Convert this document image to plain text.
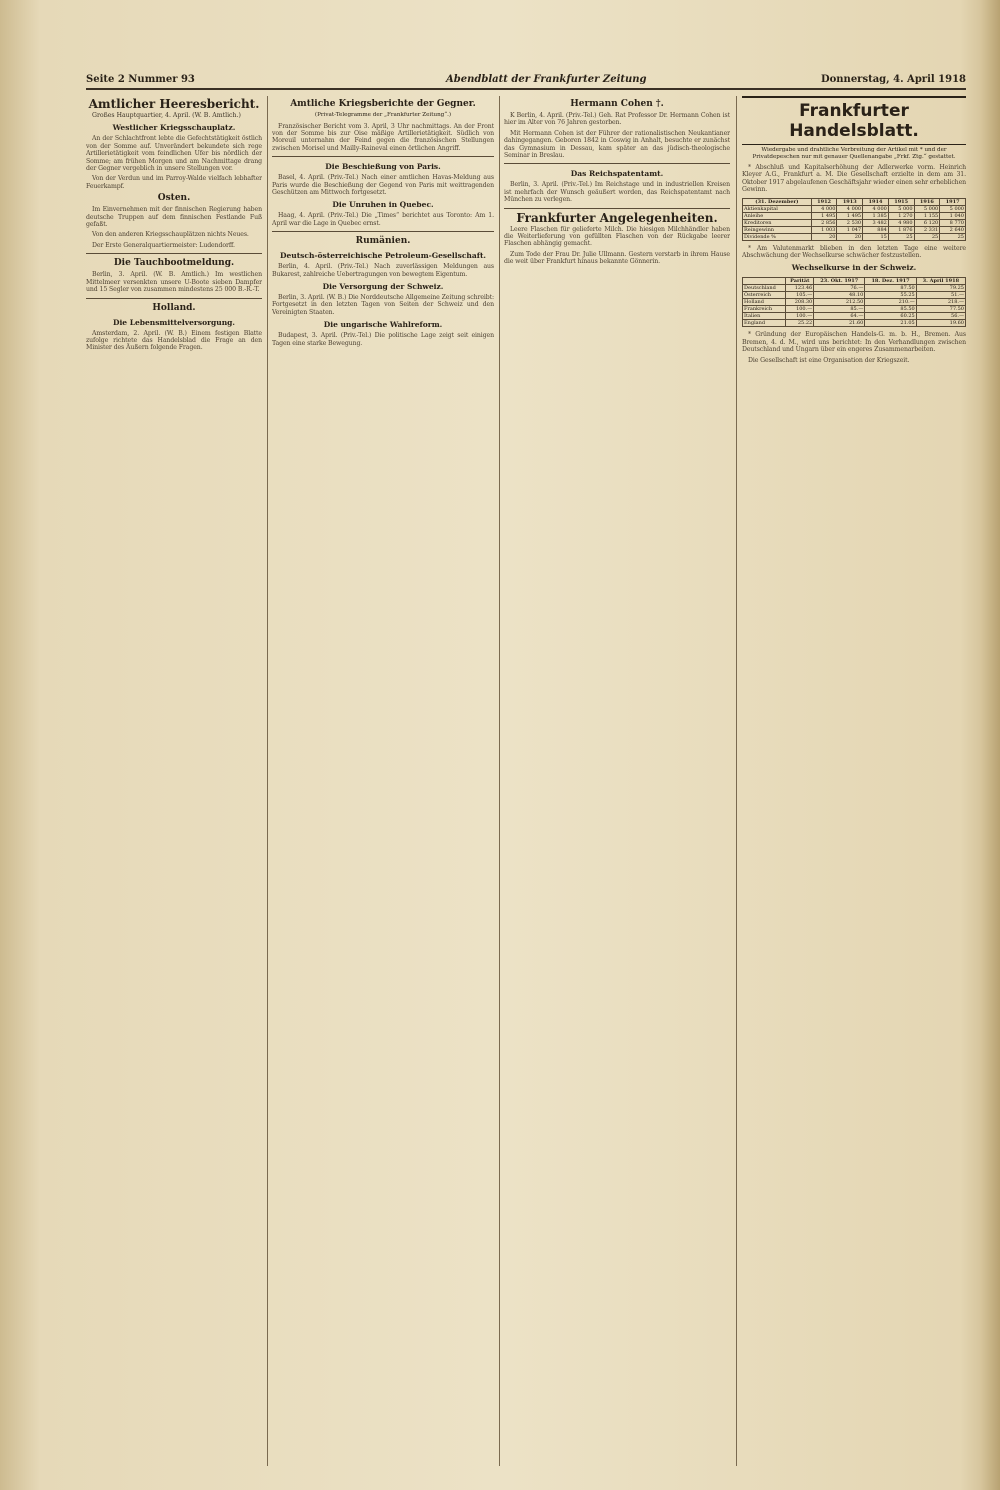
Seite 2 Nummer 93	Abendblatt der Frankfurter Zeitung	Donnerstag, 4. April 1918
Amtlicher Heeresbericht.
Großes Hauptquartier, 4. April. (W. B. Amtlich.)
Westlicher Kriegsschauplatz.
An der Schlachtfront lebte die Gefechtstätigkeit östlich von der Somme auf. Unverändert bekundete sich rege Artillerietätigkeit vom feindlichen Ufer bis nördlich der Somme; am frühen Morgen und am Nachmittage drang der Gegner vergeblich in unsere Stellungen vor.
Von der Verdun und im Parroy-Walde vielfach lebhafter Feuerkampf.
Osten.
Im Einvernehmen mit der finnischen Regierung haben deutsche Truppen auf dem finnischen Festlande Fuß gefaßt.
Von den anderen Kriegsschauplätzen nichts Neues.
Der Erste Generalquartiermeister: Ludendorff.
Die Tauchbootmeldung.
Berlin, 3. April. (W. B. Amtlich.) Im westlichen Mittelmeer versenkten unsere U-Boote sieben Dampfer und 15 Segler von zusammen mindestens 25 000 B.-R.-T.
Holland.
Die Lebensmittelversorgung.
Amsterdam, 2. April. (W. B.) Einem festigen Blatte zufolge richtete das Handelsblad die Frage an den Minister des Äußern folgende Fragen.
Amtliche Kriegsberichte der Gegner.
(Privat-Telegramme der „Frankfurter Zeitung“.)
Französischer Bericht vom 3. April, 3 Uhr nachmittags. An der Front von der Somme bis zur Oise mäßige Artillerietätigkeit. Südlich von Moreuil unternahm der Feind gegen die französischen Stellungen zwischen Morisel und Mailly-Raineval einen örtlichen Angriff.
Die Beschießung von Paris.
Basel, 4. April. (Priv.-Tel.) Nach einer amtlichen Havas-Meldung aus Paris wurde die Beschießung der Gegend von Paris mit weittragenden Geschützen am Mittwoch fortgesetzt.
Die Unruhen in Quebec.
Haag, 4. April. (Priv.-Tel.) Die „Times“ berichtet aus Toronto: Am 1. April war die Lage in Quebec ernst.
Rumänien.
Deutsch-österreichische Petroleum-Gesellschaft.
Berlin, 4. April. (Priv.-Tel.) Nach zuverlässigen Meldungen aus Bukarest, zahlreiche Uebertragungen von bewegtem Eigentum.
Die Versorgung der Schweiz.
Berlin, 3. April. (W. B.) Die Norddeutsche Allgemeine Zeitung schreibt: Fortgesetzt in den letzten Tagen von Seiten der Schweiz und den Vereinigten Staaten.
Die ungarische Wahlreform.
Budapest, 3. April. (Priv.-Tel.) Die politische Lage zeigt seit einigen Tagen eine starke Bewegung.
Hermann Cohen †.
K Berlin, 4. April. (Priv.-Tel.) Geh. Rat Professor Dr. Hermann Cohen ist hier im Alter von 76 Jahren gestorben.
Mit Hermann Cohen ist der Führer der rationalistischen Neukantianer dahingegangen. Geboren 1842 in Coswig in Anhalt, besuchte er zunächst das Gymnasium in Dessau, kam später an das jüdisch-theologische Seminar in Breslau.
Das Reichspatentamt.
Berlin, 3. April. (Priv.-Tel.) Im Reichstage und in industriellen Kreisen ist mehrfach der Wunsch geäußert worden, das Reichspatentamt nach München zu verlegen.
Frankfurter Angelegenheiten.
Leere Flaschen für gelieferte Milch. Die hiesigen Milchhändler haben die Weiterlieferung von gefüllten Flaschen von der Rückgabe leerer Flaschen abhängig gemacht.
Zum Tode der Frau Dr. Julie Ullmann. Gestern verstarb in ihrem Hause die weit über Frankfurt hinaus bekannte Gönnerin.
Frankfurter Handelsblatt.
Wiedergabe und drahtliche Verbreitung der Artikel mit * und der Privatdepeschen nur mit genauer Quellenangabe „Frkf. Ztg.“ gestattet.
* Abschluß und Kapitalserhöhung der Adlerwerke vorm. Heinrich Kleyer A.G., Frankfurt a. M. Die Gesellschaft erzielte in dem am 31. Oktober 1917 abgelaufenen Geschäftsjahr wieder einen sehr erheblichen Gewinn.
(31. Dezember)	1912	1913	1914	1915	1916	1917
Aktienkapital	4 000	4 000	4 000	5 000	5 000	5 000
Anleihe	1 495	1 495	1 385	1 270	1 155	1 040
Kreditoren	2 856	2 530	3 482	4 980	6 120	8 770
Reingewinn	1 003	1 047	884	1 876	2 331	2 640
Dividende %	20	20	15	25	25	25
* Am Valutenmarkt blieben in den letzten Tage eine weitere Abschwächung der Wechselkurse schwächer festzustellen.
Wechselkurse in der Schweiz.
	Parität	23. Okt. 1917	18. Dez. 1917	3. April 1918
Deutschland	123.46	76.—	87.50	79.25
Österreich	105.—	48.10	55.25	51.—
Holland	208.30	212.50	210.—	218.—
Frankreich	100.—	85.—	85.50	77.50
Italien	100.—	64.—	60.25	56.—
England	25.22	21.60	21.05	19.60
* Gründung der Europäischen Handels-G. m. b. H., Bremen. Aus Bremen, 4. d. M., wird uns berichtet: In den Verhandlungen zwischen Deutschland und Ungarn über ein engeres Zusammenarbeiten.
Die Gesellschaft ist eine Organisation der Kriegszeit.
